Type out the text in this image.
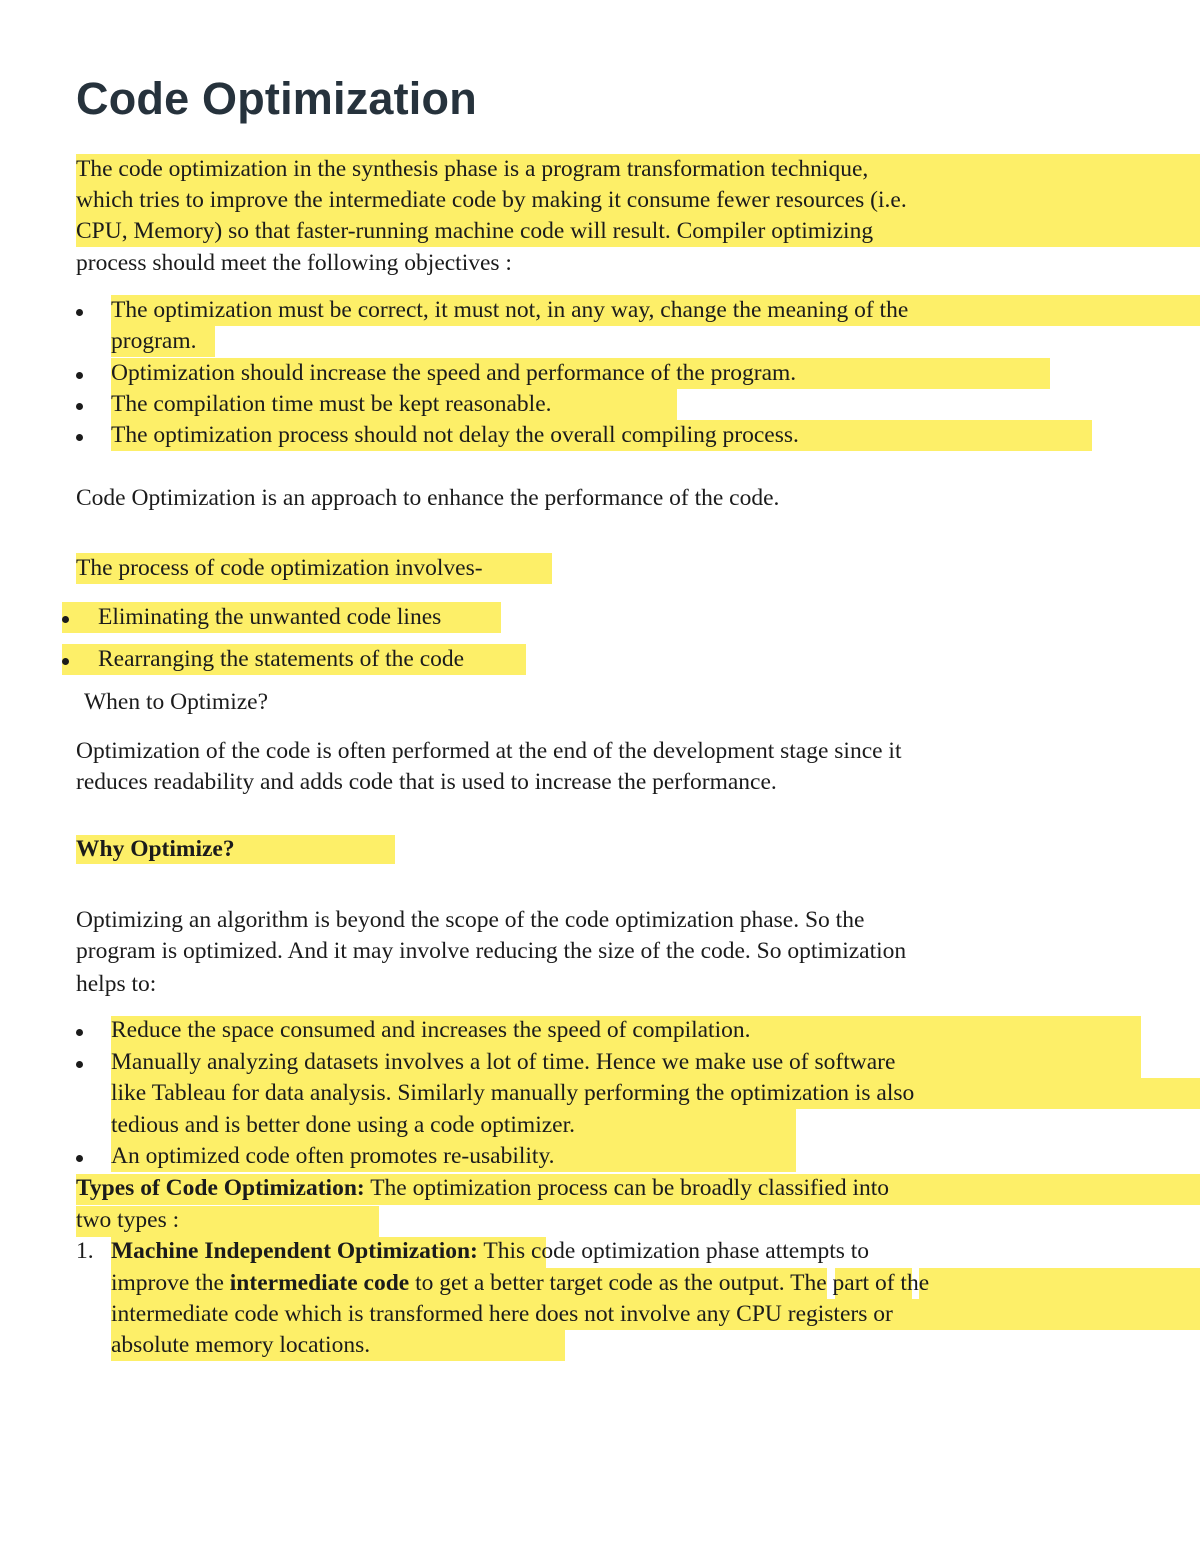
Code Optimization
The code optimization in the synthesis phase is a program transformation technique,
which tries to improve the intermediate code by making it consume fewer resources (i.e.
CPU, Memory) so that faster-running machine code will result. Compiler optimizing
process should meet the following objectives :
The optimization must be correct, it must not, in any way, change the meaning of the
program.
Optimization should increase the speed and performance of the program.
The compilation time must be kept reasonable.
The optimization process should not delay the overall compiling process.
Code Optimization is an approach to enhance the performance of the code.
The process of code optimization involves-
Eliminating the unwanted code lines
Rearranging the statements of the code
When to Optimize?
Optimization of the code is often performed at the end of the development stage since it
reduces readability and adds code that is used to increase the performance.
Why Optimize?
Optimizing an algorithm is beyond the scope of the code optimization phase. So the
program is optimized. And it may involve reducing the size of the code. So optimization
helps to:
Reduce the space consumed and increases the speed of compilation.
Manually analyzing datasets involves a lot of time. Hence we make use of software
like Tableau for data analysis. Similarly manually performing the optimization is also
tedious and is better done using a code optimizer.
An optimized code often promotes re-usability.
Types of Code Optimization: The optimization process can be broadly classified into
two types :
1. Machine Independent Optimization: This code optimization phase attempts to
improve the intermediate code to get a better target code as the output. The part of the
intermediate code which is transformed here does not involve any CPU registers or
absolute memory locations.
